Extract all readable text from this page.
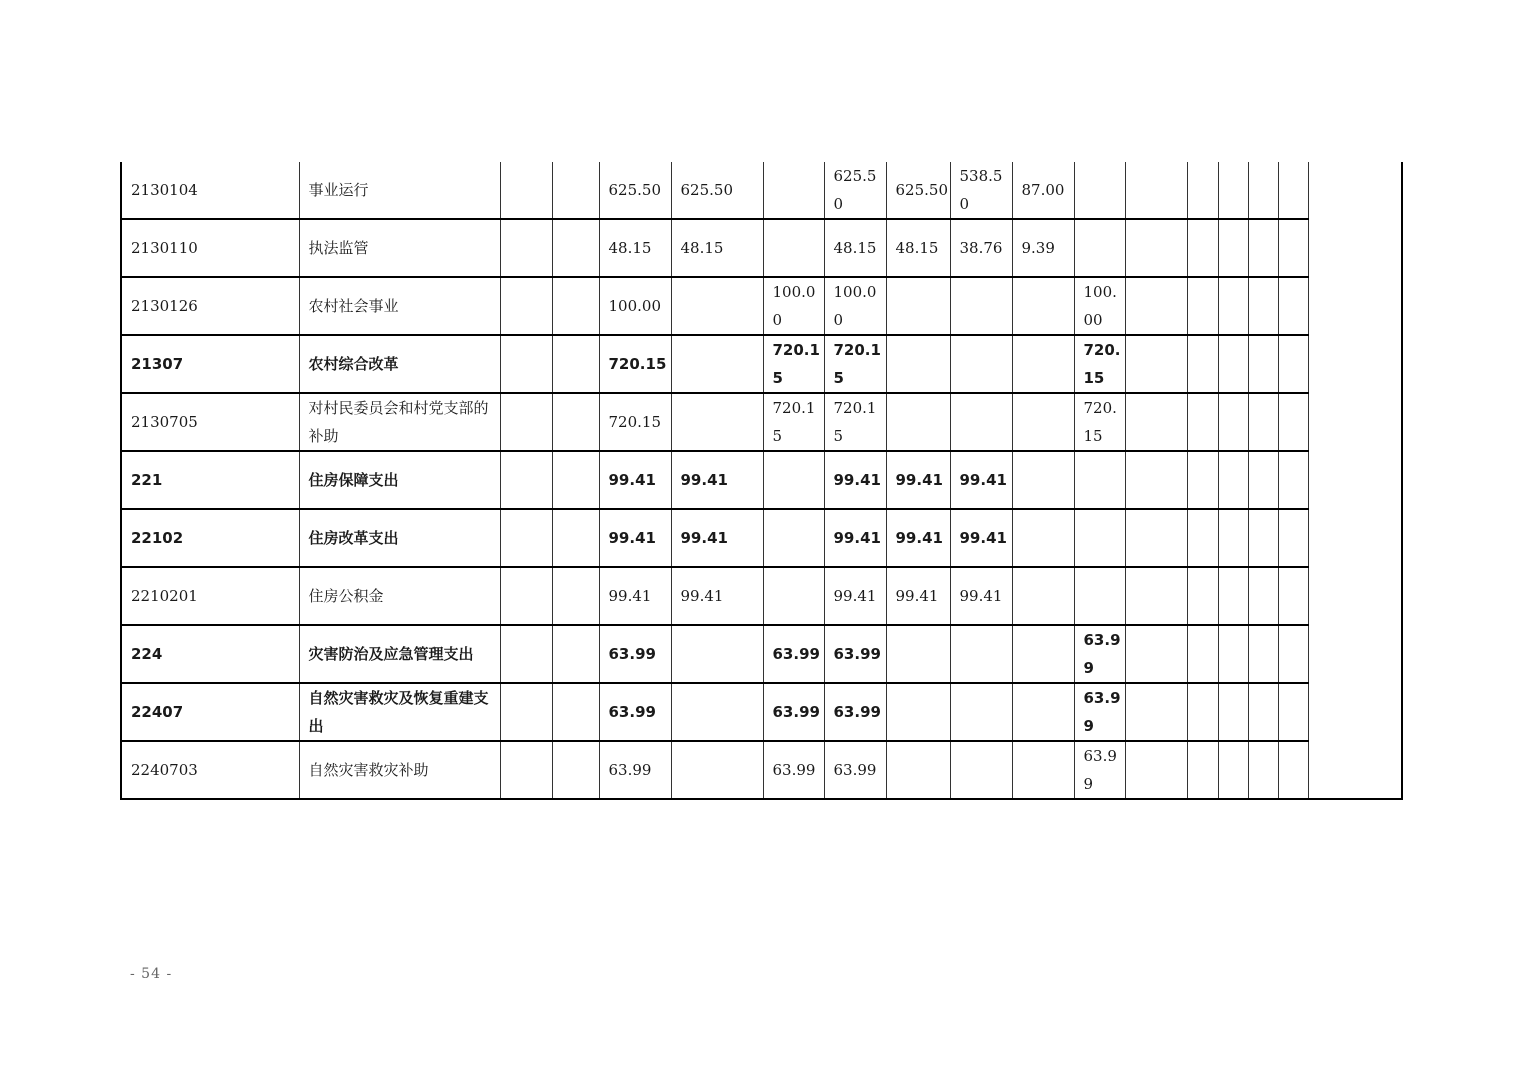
2130104	事业运行			625.50	625.50		625.50	625.50	538.50	87.00						
2130110	执法监管			48.15	48.15		48.15	48.15	38.76	9.39						
2130126	农村社会事业			100.00		100.00	100.00				100.00					
21307	农村综合改革			720.15		720.15	720.15				720.15					
2130705	对村民委员会和村党支部的补助			720.15		720.15	720.15				720.15					
221	住房保障支出			99.41	99.41		99.41	99.41	99.41							
22102	住房改革支出			99.41	99.41		99.41	99.41	99.41							
2210201	住房公积金			99.41	99.41		99.41	99.41	99.41							
224	灾害防治及应急管理支出			63.99		63.99	63.99				63.99					
22407	自然灾害救灾及恢复重建支出			63.99		63.99	63.99				63.99					
2240703	自然灾害救灾补助			63.99		63.99	63.99				63.99					
- 54 -
